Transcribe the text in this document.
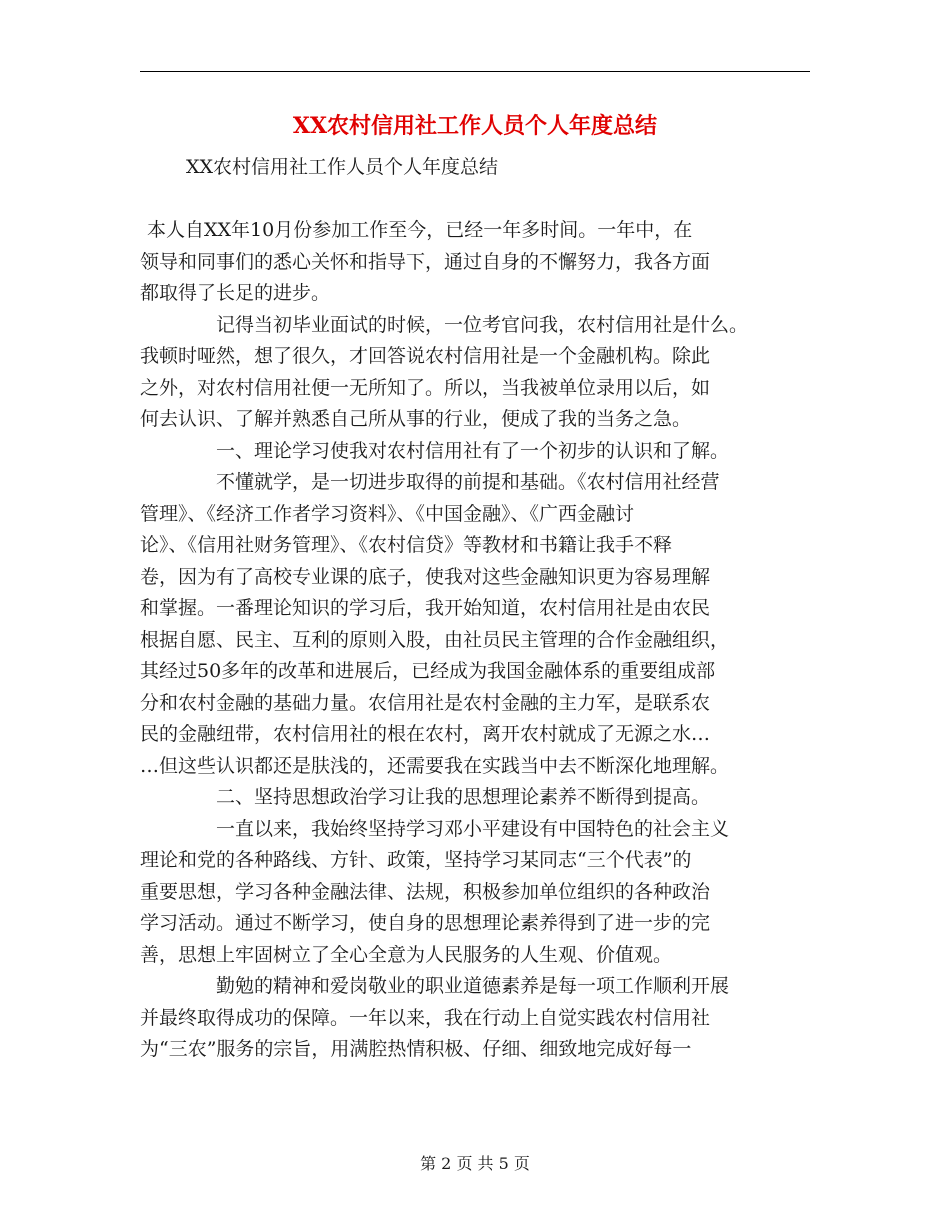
XX农村信用社工作人员个人年度总结
XX农村信用社工作人员个人年度总结
本人自XX年10月份参加工作至今，已经一年多时间。一年中，在
领导和同事们的悉心关怀和指导下，通过自身的不懈努力，我各方面
都取得了长足的进步。
记得当初毕业面试的时候，一位考官问我，农村信用社是什么。
我顿时哑然，想了很久，才回答说农村信用社是一个金融机构。除此
之外，对农村信用社便一无所知了。所以，当我被单位录用以后，如
何去认识、了解并熟悉自己所从事的行业，便成了我的当务之急。
一、理论学习使我对农村信用社有了一个初步的认识和了解。
不懂就学，是一切进步取得的前提和基础。《农村信用社经营
管理》、《经济工作者学习资料》、《中国金融》、《广西金融讨
论》、《信用社财务管理》、《农村信贷》等教材和书籍让我手不释
卷，因为有了高校专业课的底子，使我对这些金融知识更为容易理解
和掌握。一番理论知识的学习后，我开始知道，农村信用社是由农民
根据自愿、民主、互利的原则入股，由社员民主管理的合作金融组织，
其经过50多年的改革和进展后，已经成为我国金融体系的重要组成部
分和农村金融的基础力量。农信用社是农村金融的主力军，是联系农
民的金融纽带，农村信用社的根在农村，离开农村就成了无源之水…
…但这些认识都还是肤浅的，还需要我在实践当中去不断深化地理解。
二、坚持思想政治学习让我的思想理论素养不断得到提高。
一直以来，我始终坚持学习邓小平建设有中国特色的社会主义
理论和党的各种路线、方针、政策，坚持学习某同志“三个代表”的
重要思想，学习各种金融法律、法规，积极参加单位组织的各种政治
学习活动。通过不断学习，使自身的思想理论素养得到了进一步的完
善，思想上牢固树立了全心全意为人民服务的人生观、价值观。
勤勉的精神和爱岗敬业的职业道德素养是每一项工作顺利开展
并最终取得成功的保障。一年以来，我在行动上自觉实践农村信用社
为“三农”服务的宗旨，用满腔热情积极、仔细、细致地完成好每一
第 2 页 共 5 页
